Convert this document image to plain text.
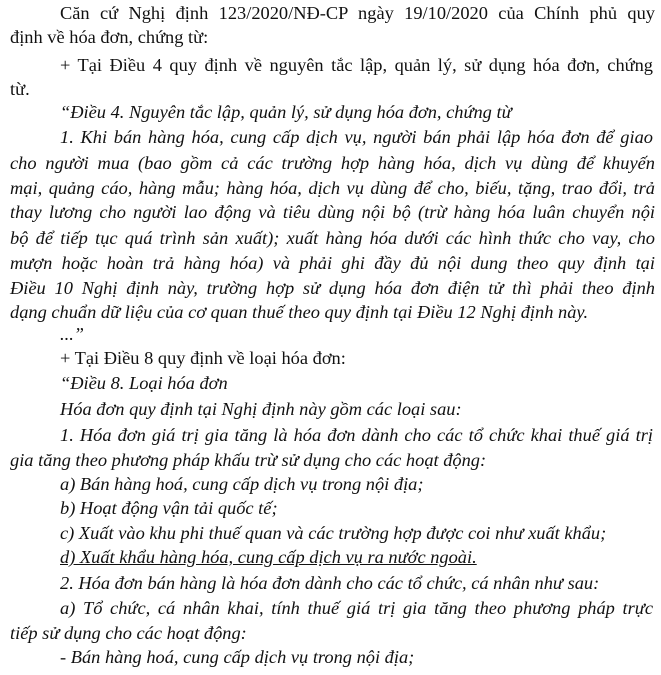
Căn cứ Nghị định 123/2020/NĐ-CP ngày 19/10/2020 của Chính phủ quy
định về hóa đơn, chứng từ:
+ Tại Điều 4 quy định về nguyên tắc lập, quản lý, sử dụng hóa đơn, chứng
từ.
“Điều 4. Nguyên tắc lập, quản lý, sử dụng hóa đơn, chứng từ
1. Khi bán hàng hóa, cung cấp dịch vụ, người bán phải lập hóa đơn để giao
cho người mua (bao gồm cả các trường hợp hàng hóa, dịch vụ dùng để khuyến
mại, quảng cáo, hàng mẫu; hàng hóa, dịch vụ dùng để cho, biếu, tặng, trao đổi, trả
thay lương cho người lao động và tiêu dùng nội bộ (trừ hàng hóa luân chuyển nội
bộ để tiếp tục quá trình sản xuất); xuất hàng hóa dưới các hình thức cho vay, cho
mượn hoặc hoàn trả hàng hóa) và phải ghi đầy đủ nội dung theo quy định tại
Điều 10 Nghị định này, trường hợp sử dụng hóa đơn điện tử thì phải theo định
dạng chuẩn dữ liệu của cơ quan thuế theo quy định tại Điều 12 Nghị định này.
...”
+ Tại Điều 8 quy định về loại hóa đơn:
“Điều 8. Loại hóa đơn
Hóa đơn quy định tại Nghị định này gồm các loại sau:
1. Hóa đơn giá trị gia tăng là hóa đơn dành cho các tổ chức khai thuế giá trị
gia tăng theo phương pháp khấu trừ sử dụng cho các hoạt động:
a) Bán hàng hoá, cung cấp dịch vụ trong nội địa;
b) Hoạt động vận tải quốc tế;
c) Xuất vào khu phi thuế quan và các trường hợp được coi như xuất khẩu;
d) Xuất khẩu hàng hóa, cung cấp dịch vụ ra nước ngoài.
2. Hóa đơn bán hàng là hóa đơn dành cho các tổ chức, cá nhân như sau:
a) Tổ chức, cá nhân khai, tính thuế giá trị gia tăng theo phương pháp trực
tiếp sử dụng cho các hoạt động:
- Bán hàng hoá, cung cấp dịch vụ trong nội địa;
